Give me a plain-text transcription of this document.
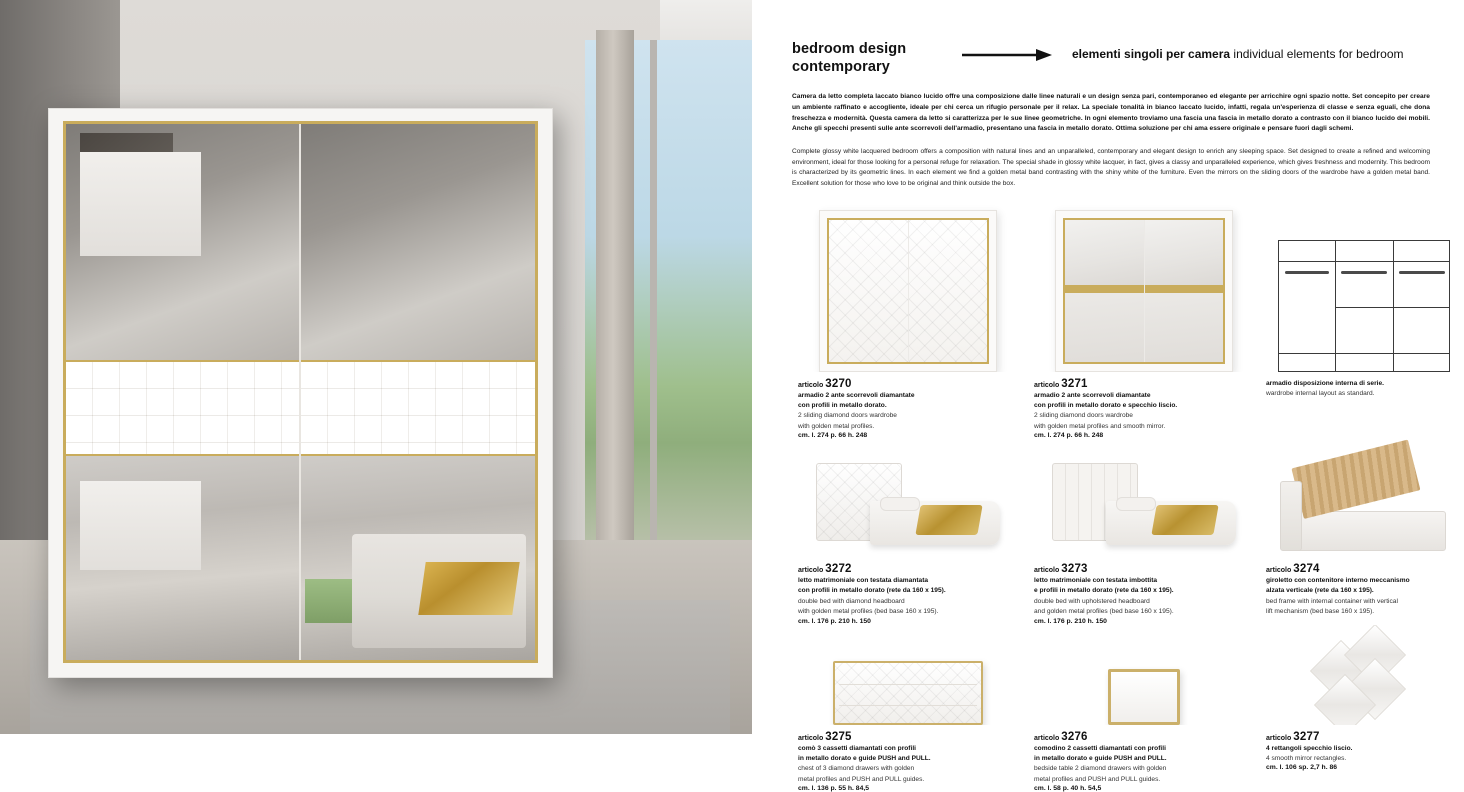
bedroom design
contemporary
elementi singoli per camera individual elements for bedroom
Camera da letto completa laccato bianco lucido offre una composizione dalle linee naturali e un design senza pari, contemporaneo ed elegante per arricchire ogni spazio notte. Set concepito per creare un ambiente raffinato e accogliente, ideale per chi cerca un rifugio personale per il relax. La speciale tonalità in bianco laccato lucido, infatti, regala un'esperienza di classe e senza eguali, che dona freschezza e modernità. Questa camera da letto si caratterizza per le sue linee geometriche. In ogni elemento troviamo una fascia una fascia in metallo dorato a contrasto con il bianco lucido dei mobili. Anche gli specchi presenti sulle ante scorrevoli dell'armadio, presentano una fascia in metallo dorato. Ottima soluzione per chi ama essere originale e pensare fuori dagli schemi.
Complete glossy white lacquered bedroom offers a composition with natural lines and an unparalleled, contemporary and elegant design to enrich any sleeping space. Set designed to create a refined and welcoming environment, ideal for those looking for a personal refuge for relaxation. The special shade in glossy white lacquer, in fact, gives a classy and unparalleled experience, which gives freshness and modernity. This bedroom is characterized by its geometric lines. In each element we find a golden metal band contrasting with the shiny white of the furniture. Even the mirrors on the sliding doors of the wardrobe have a golden metal band. Excellent solution for those who love to be original and think outside the box.
articolo 3270
armadio 2 ante scorrevoli diamantate
con profili in metallo dorato.
2 sliding diamond doors wardrobe
with golden metal profiles.
cm. l. 274 p. 66 h. 248
articolo 3271
armadio 2 ante scorrevoli diamantate
con profili in metallo dorato e specchio liscio.
2 sliding diamond doors wardrobe
with golden metal profiles and smooth mirror.
cm. l. 274 p. 66 h. 248
armadio disposizione interna di serie.
wardrobe internal layout as standard.
articolo 3272
letto matrimoniale con testata diamantata
con profili in metallo dorato (rete da 160 x 195).
double bed with diamond headboard
with golden metal profiles (bed base 160 x 195).
cm. l. 176 p. 210 h. 150
articolo 3273
letto matrimoniale con testata imbottita
e profili in metallo dorato (rete da 160 x 195).
double bed with upholstered headboard
and golden metal profiles (bed base 160 x 195).
cm. l. 176 p. 210 h. 150
articolo 3274
giroletto con contenitore interno meccanismo
alzata verticale (rete da 160 x 195).
bed frame with internal container with vertical
lift mechanism (bed base 160 x 195).
articolo 3275
comò 3 cassetti diamantati con profili
in metallo dorato e guide PUSH and PULL.
chest of 3 diamond drawers with golden
metal profiles and PUSH and PULL guides.
cm. l. 136 p. 55 h. 84,5
articolo 3276
comodino 2 cassetti diamantati con profili
in metallo dorato e guide PUSH and PULL.
bedside table 2 diamond drawers with golden
metal profiles and PUSH and PULL guides.
cm. l. 58 p. 40 h. 54,5
articolo 3277
4 rettangoli specchio liscio.
4 smooth mirror rectangles.
cm. l. 106 sp. 2,7 h. 86
